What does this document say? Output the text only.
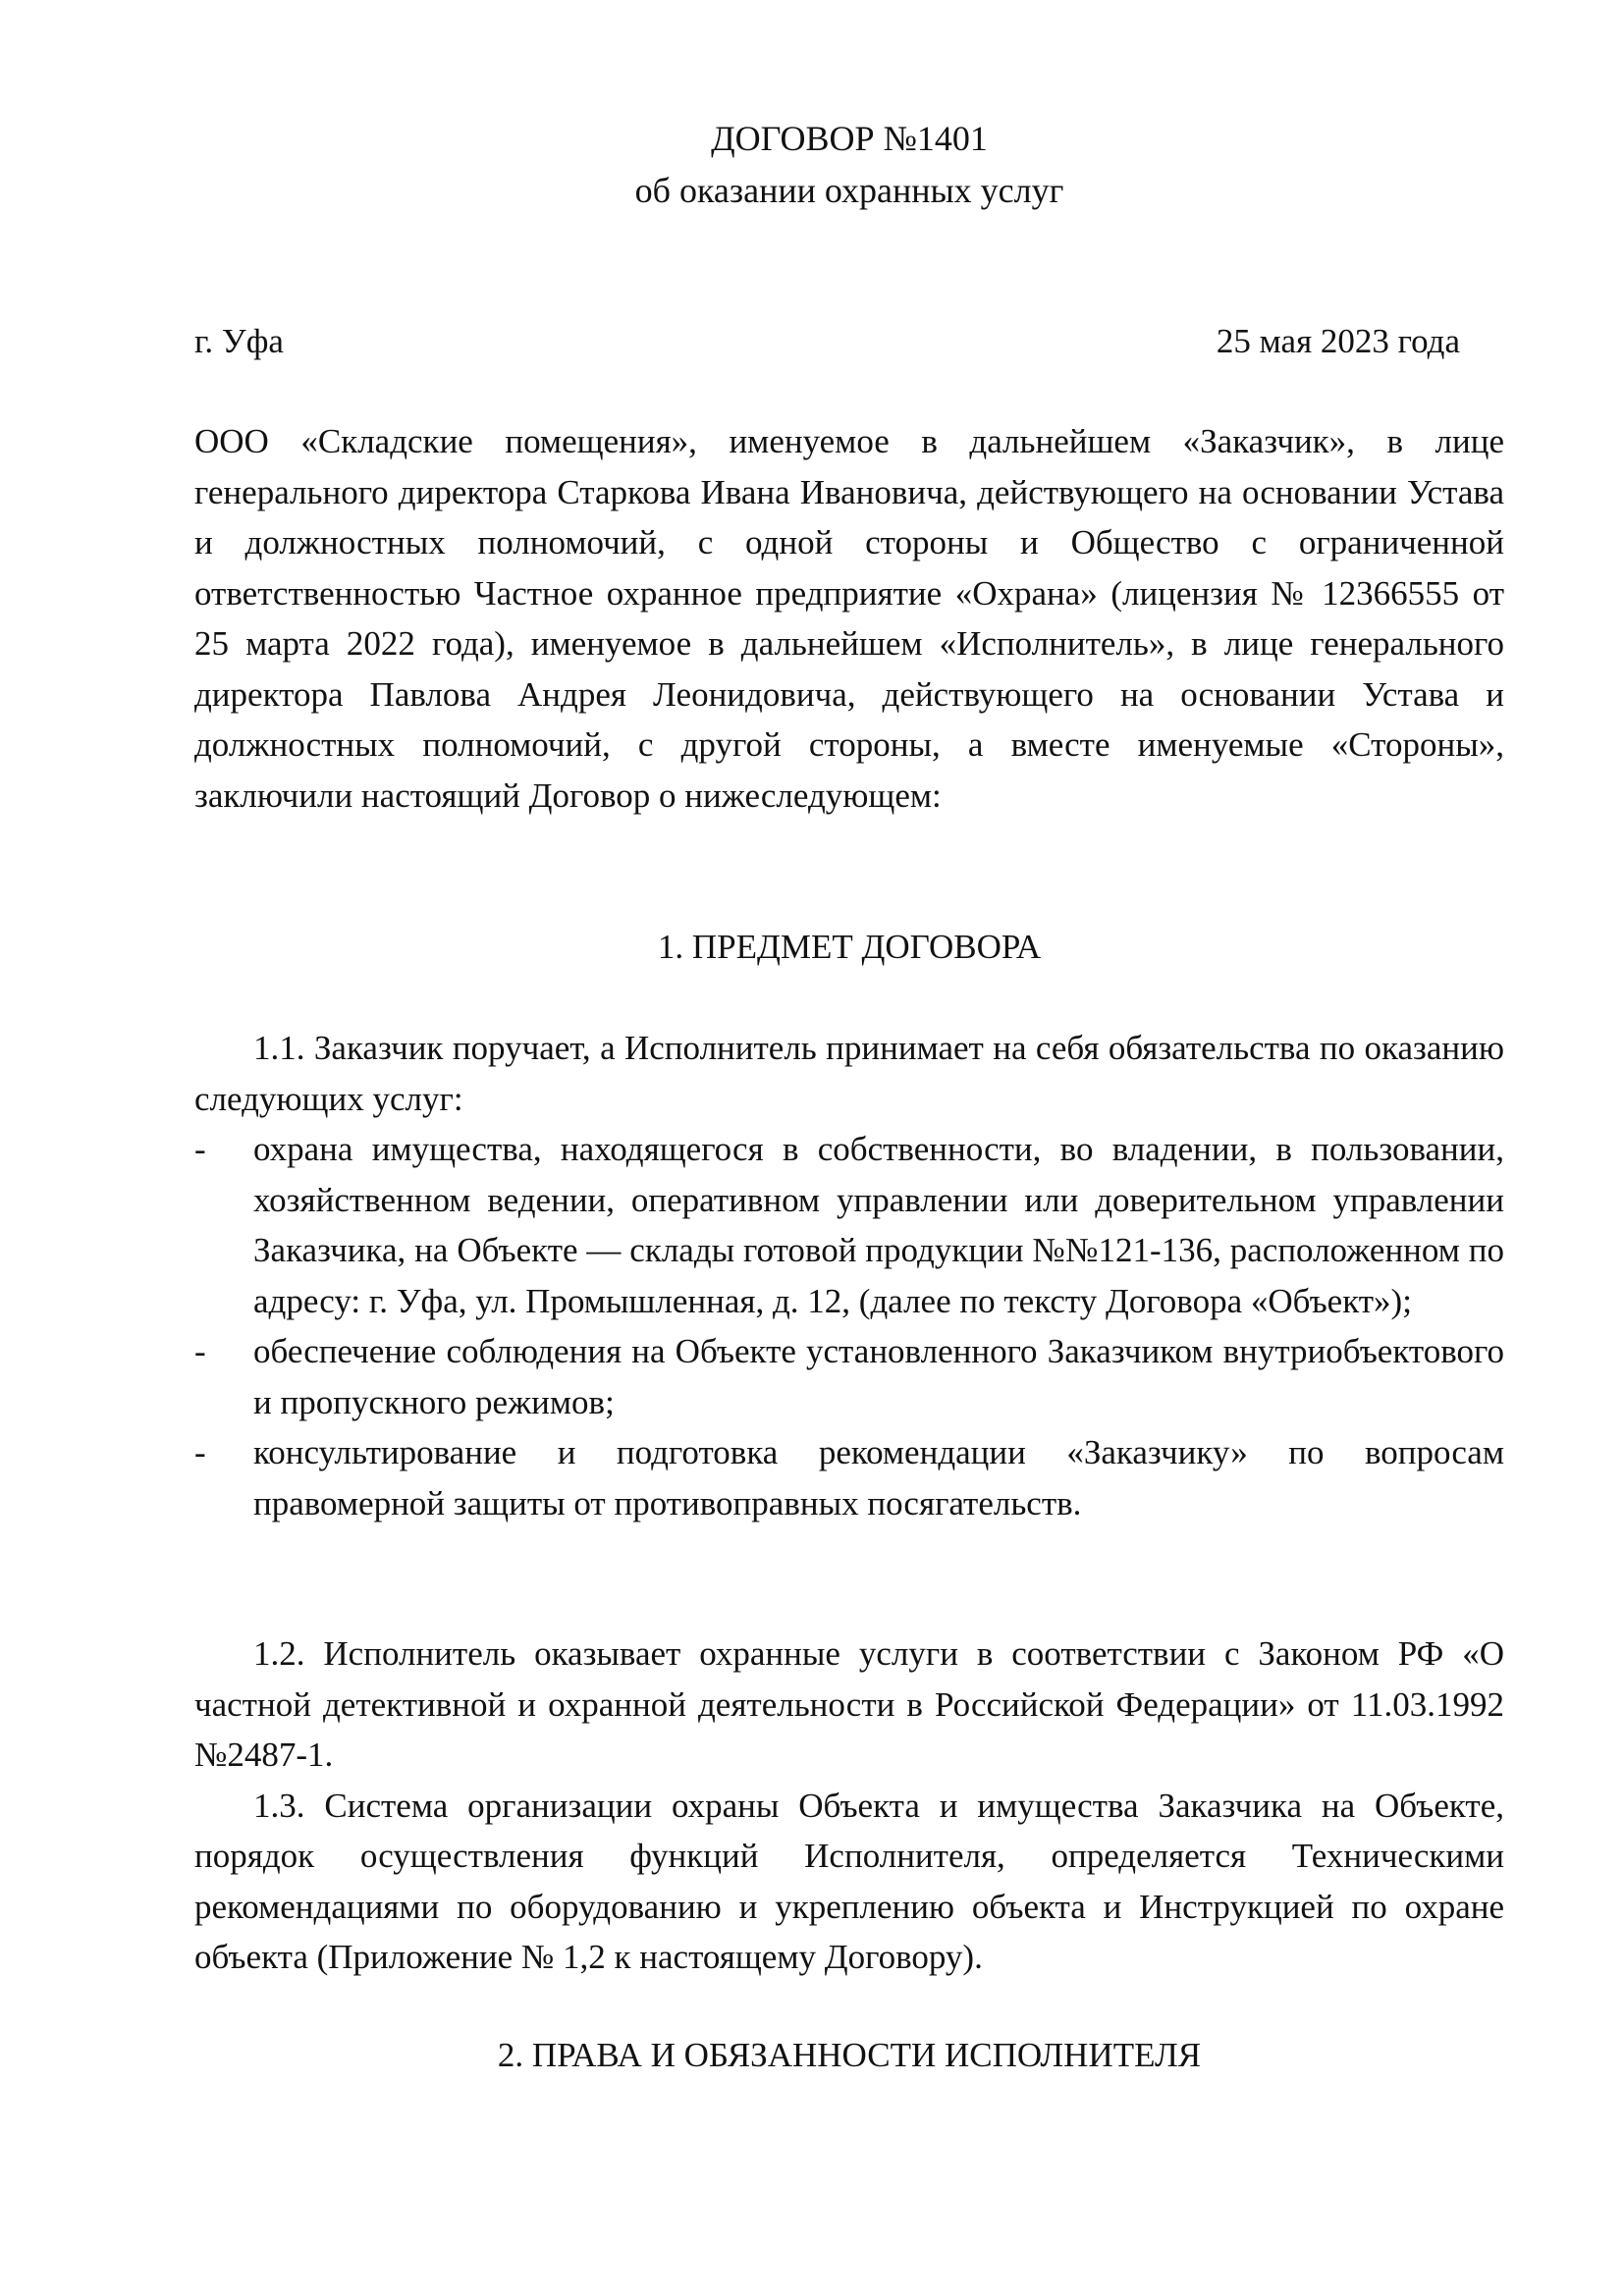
ДОГОВОР №1401
об оказании охранных услуг
г. Уфа	25 мая 2023 года

ООО «Складские помещения», именуемое в дальнейшем «Заказчик», в лице генерального директора Старкова Ивана Ивановича, действующего на основании Устава и должностных полномочий, с одной стороны и Общество с ограниченной ответственностью Частное охранное предприятие «Охрана» (лицензия № 12366555 от 25 марта 2022 года), именуемое в дальнейшем «Исполнитель», в лице генерального директора Павлова Андрея Леонидовича, действующего на основании Устава и должностных полномочий, с другой стороны, а вместе именуемые «Стороны», заключили настоящий Договор о нижеследующем:

1. ПРЕДМЕТ ДОГОВОРА

1.1. Заказчик поручает, а Исполнитель принимает на себя обязательства по оказанию следующих услуг:

- охрана имущества, находящегося в собственности, во владении, в пользовании, хозяйственном ведении, оперативном управлении или доверительном управлении Заказчика, на Объекте — склады готовой продукции №№121-136, расположенном по адресу: г. Уфа, ул. Промышленная, д. 12, (далее по тексту Договора «Объект»);
- обеспечение соблюдения на Объекте установленного Заказчиком внутриобъектового и пропускного режимов;
- консультирование и подготовка рекомендации «Заказчику» по вопросам правомерной защиты от противоправных посягательств.

1.2. Исполнитель оказывает охранные услуги в соответствии с Законом РФ «О частной детективной и охранной деятельности в Российской Федерации» от 11.03.1992 №2487-1.

1.3. Система организации охраны Объекта и имущества Заказчика на Объекте, порядок осуществления функций Исполнителя, определяется Техническими рекомендациями по оборудованию и укреплению объекта и Инструкцией по охране объекта (Приложение № 1,2 к настоящему Договору).

2. ПРАВА И ОБЯЗАННОСТИ ИСПОЛНИТЕЛЯ
